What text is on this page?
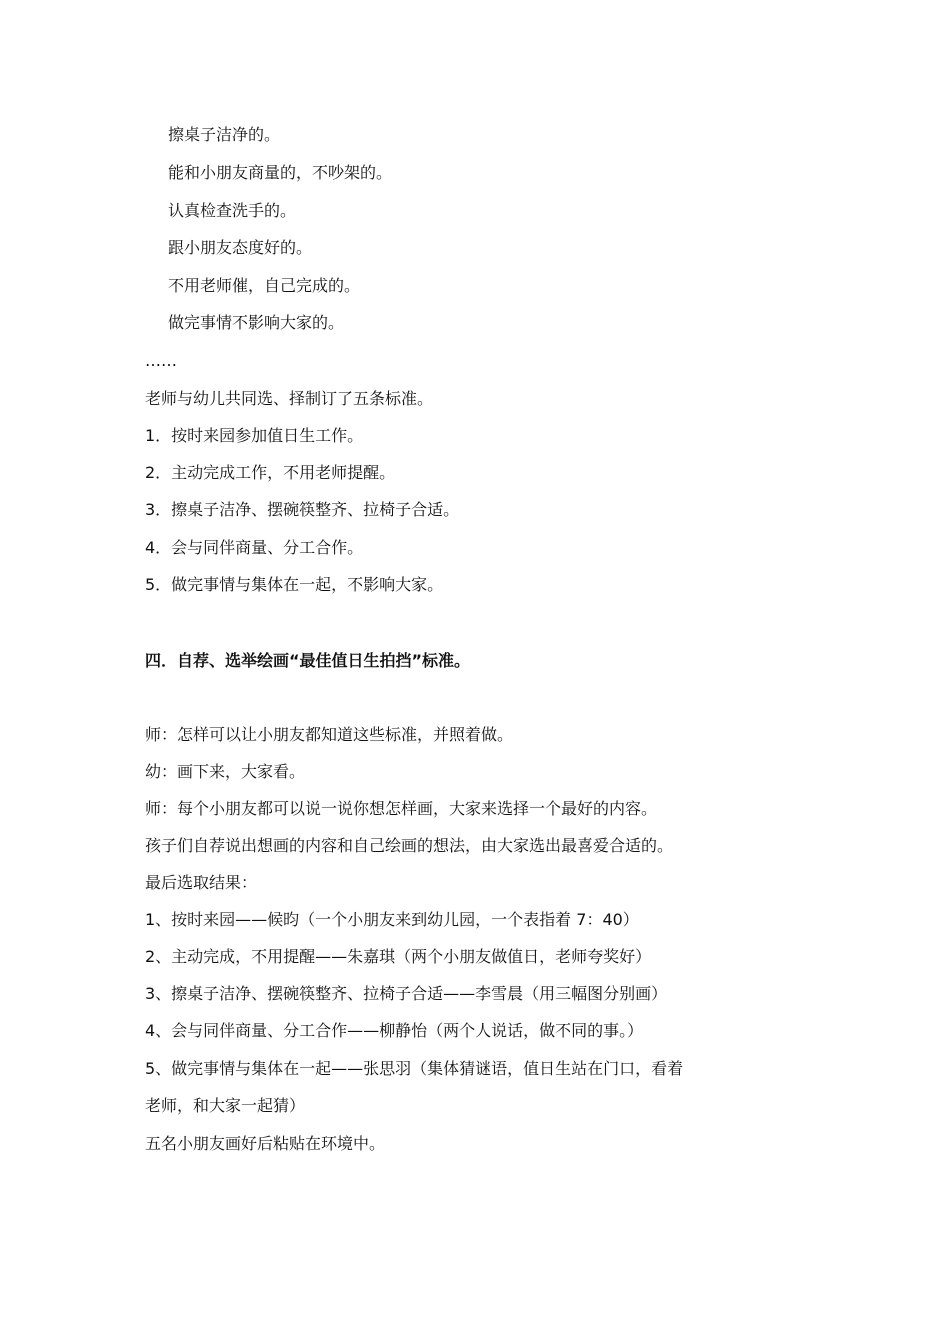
擦桌子洁净的。

能和小朋友商量的，不吵架的。

认真检查洗手的。

跟小朋友态度好的。

不用老师催，自己完成的。

做完事情不影响大家的。

……

老师与幼儿共同选、择制订了五条标准。

1．按时来园参加值日生工作。

2．主动完成工作，不用老师提醒。

3．擦桌子洁净、摆碗筷整齐、拉椅子合适。

4．会与同伴商量、分工合作。

5．做完事情与集体在一起，不影响大家。

四．自荐、选举绘画“最佳值日生拍挡”标准。

师：怎样可以让小朋友都知道这些标准，并照着做。

幼：画下来，大家看。

师：每个小朋友都可以说一说你想怎样画，大家来选择一个最好的内容。

孩子们自荐说出想画的内容和自己绘画的想法，由大家选出最喜爱合适的。

最后选取结果：

1、按时来园——候昀（一个小朋友来到幼儿园，一个表指着 7：40）

2、主动完成，不用提醒——朱嘉琪（两个小朋友做值日，老师夸奖好）

3、擦桌子洁净、摆碗筷整齐、拉椅子合适——李雪晨（用三幅图分别画）

4、会与同伴商量、分工合作——柳静怡（两个人说话，做不同的事。）

5、做完事情与集体在一起——张思羽（集体猜谜语，值日生站在门口，看着

老师，和大家一起猜）

五名小朋友画好后粘贴在环境中。
